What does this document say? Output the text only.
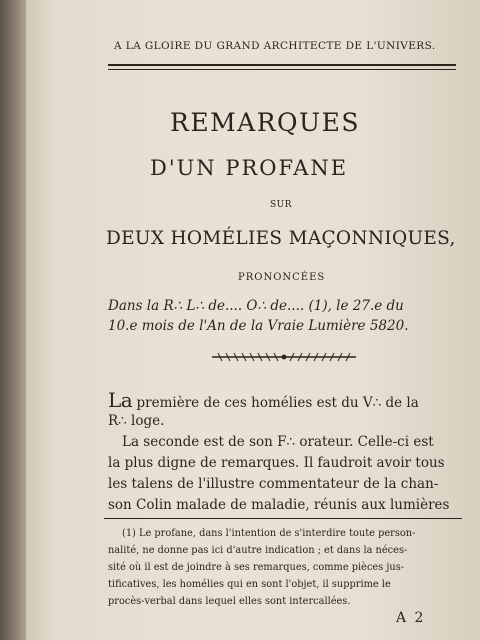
A LA GLOIRE DU GRAND ARCHITECTE DE L'UNIVERS.
REMARQUES
D'UN PROFANE
SUR
DEUX HOMÉLIES MAÇONNIQUES,
PRONONCÉES
Dans la R∴ L∴ de.... O∴ de.... (1), le 27.e du
10.e mois de l'An de la Vraie Lumière 5820.
La première de ces homélies est du V∴ de la
R∴ loge.
La seconde est de son F∴ orateur. Celle-ci est
la plus digne de remarques. Il faudroit avoir tous
les talens de l'illustre commentateur de la chan-
son Colin malade de maladie, réunis aux lumières
(1) Le profane, dans l'intention de s'interdire toute person-
nalité, ne donne pas ici d'autre indication ; et dans la néces-
sité où il est de joindre à ses remarques, comme pièces jus-
tificatives, les homélies qui en sont l'objet, il supprime le
procès-verbal dans lequel elles sont intercallées.
A 2
